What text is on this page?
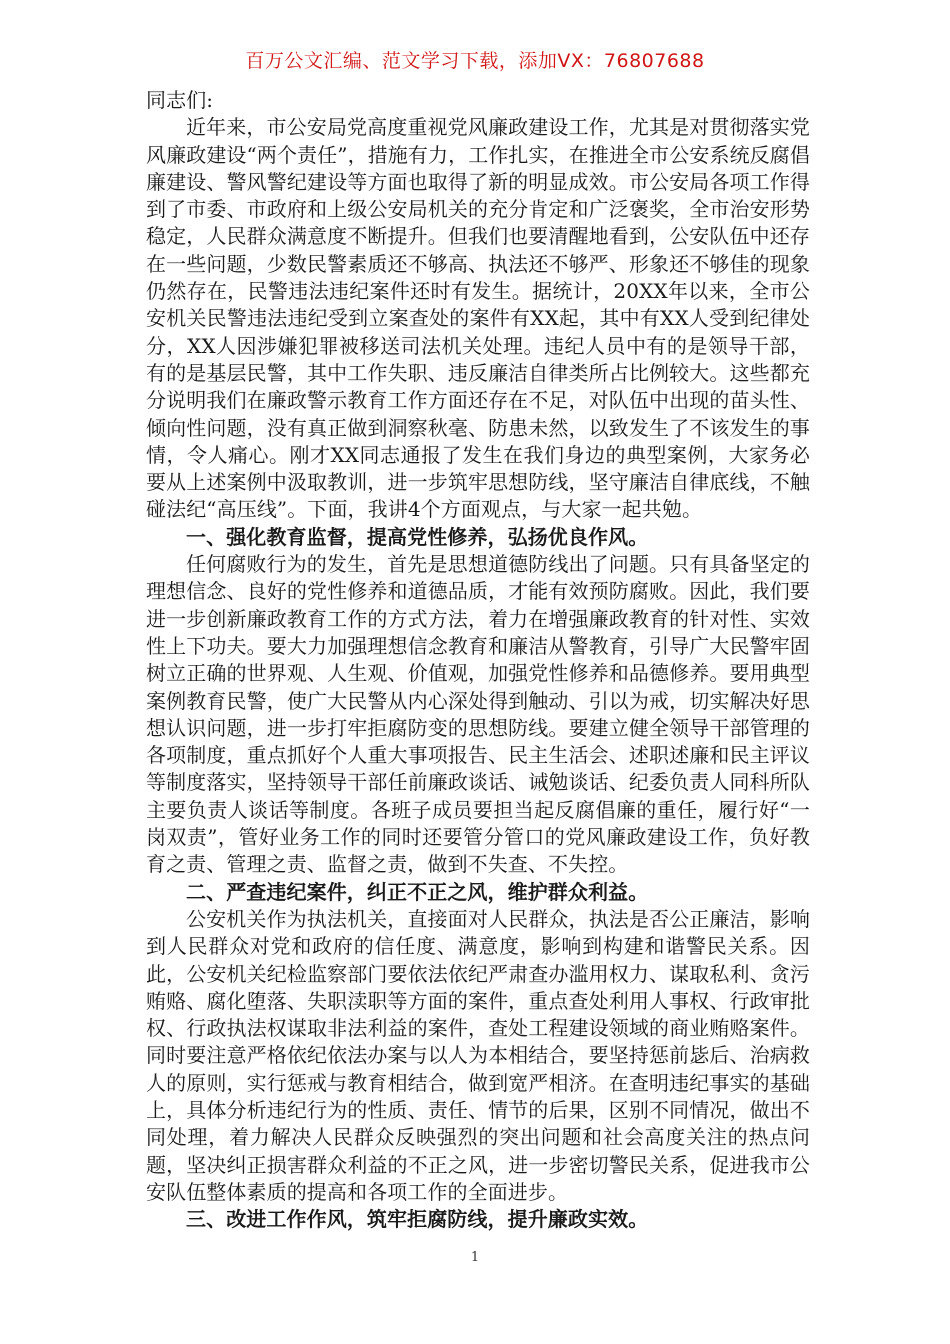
百万公文汇编、范文学习下载，添加VX：76807688

同志们:

近年来，市公安局党高度重视党风廉政建设工作，尤其是对贯彻落实党风廉政建设“两个责任”，措施有力，工作扎实，在推进全市公安系统反腐倡廉建设、警风警纪建设等方面也取得了新的明显成效。市公安局各项工作得到了市委、市政府和上级公安局机关的充分肯定和广泛褒奖，全市治安形势稳定，人民群众满意度不断提升。但我们也要清醒地看到，公安队伍中还存在一些问题，少数民警素质还不够高、执法还不够严、形象还不够佳的现象仍然存在，民警违法违纪案件还时有发生。据统计，20XX年以来，全市公安机关民警违法违纪受到立案查处的案件有XX起，其中有XX人受到纪律处分，XX人因涉嫌犯罪被移送司法机关处理。违纪人员中有的是领导干部，有的是基层民警，其中工作失职、违反廉洁自律类所占比例较大。这些都充分说明我们在廉政警示教育工作方面还存在不足，对队伍中出现的苗头性、倾向性问题，没有真正做到洞察秋毫、防患未然，以致发生了不该发生的事情，令人痛心。刚才XX同志通报了发生在我们身边的典型案例，大家务必要从上述案例中汲取教训，进一步筑牢思想防线，坚守廉洁自律底线，不触碰法纪“高压线”。下面，我讲4个方面观点，与大家一起共勉。

一、强化教育监督，提高党性修养，弘扬优良作风。

任何腐败行为的发生，首先是思想道德防线出了问题。只有具备坚定的理想信念、良好的党性修养和道德品质，才能有效预防腐败。因此，我们要进一步创新廉政教育工作的方式方法，着力在增强廉政教育的针对性、实效性上下功夫。要大力加强理想信念教育和廉洁从警教育，引导广大民警牢固树立正确的世界观、人生观、价值观，加强党性修养和品德修养。要用典型案例教育民警，使广大民警从内心深处得到触动、引以为戒，切实解决好思想认识问题，进一步打牢拒腐防变的思想防线。要建立健全领导干部管理的各项制度，重点抓好个人重大事项报告、民主生活会、述职述廉和民主评议等制度落实，坚持领导干部任前廉政谈话、诫勉谈话、纪委负责人同科所队主要负责人谈话等制度。各班子成员要担当起反腐倡廉的重任，履行好“一岗双责”，管好业务工作的同时还要管分管口的党风廉政建设工作，负好教育之责、管理之责、监督之责，做到不失查、不失控。

二、严查违纪案件，纠正不正之风，维护群众利益。

公安机关作为执法机关，直接面对人民群众，执法是否公正廉洁，影响到人民群众对党和政府的信任度、满意度，影响到构建和谐警民关系。因此，公安机关纪检监察部门要依法依纪严肃查办滥用权力、谋取私利、贪污贿赂、腐化堕落、失职渎职等方面的案件，重点查处利用人事权、行政审批权、行政执法权谋取非法利益的案件，查处工程建设领域的商业贿赂案件。同时要注意严格依纪依法办案与以人为本相结合，要坚持惩前毖后、治病救人的原则，实行惩戒与教育相结合，做到宽严相济。在查明违纪事实的基础上，具体分析违纪行为的性质、责任、情节的后果，区别不同情况，做出不同处理，着力解决人民群众反映强烈的突出问题和社会高度关注的热点问题，坚决纠正损害群众利益的不正之风，进一步密切警民关系，促进我市公安队伍整体素质的提高和各项工作的全面进步。

三、改进工作作风，筑牢拒腐防线，提升廉政实效。

1
